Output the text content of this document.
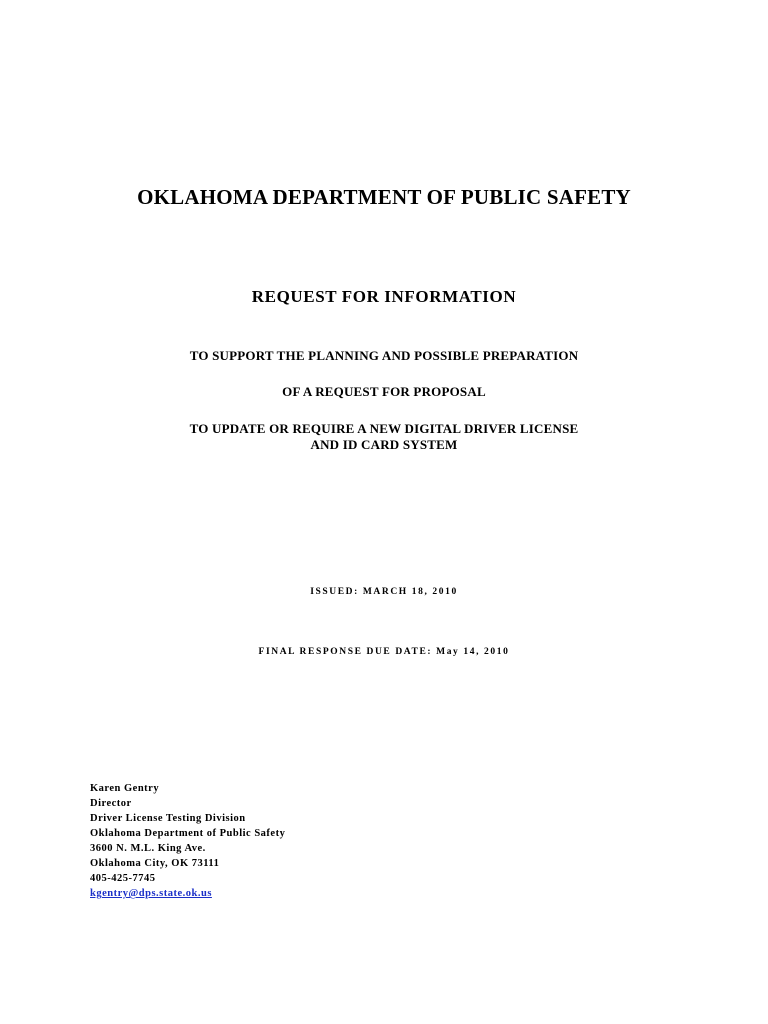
OKLAHOMA DEPARTMENT OF PUBLIC SAFETY
REQUEST FOR INFORMATION

TO SUPPORT THE PLANNING AND POSSIBLE PREPARATION

OF A REQUEST FOR PROPOSAL

TO UPDATE OR REQUIRE A NEW DIGITAL DRIVER LICENSE

AND ID CARD SYSTEM

ISSUED: MARCH 18, 2010

FINAL RESPONSE DUE DATE: May 14, 2010

Karen Gentry
Director
Driver License Testing Division
Oklahoma Department of Public Safety
3600 N. M.L. King Ave.
Oklahoma City, OK 73111
405-425-7745
kgentry@dps.state.ok.us
